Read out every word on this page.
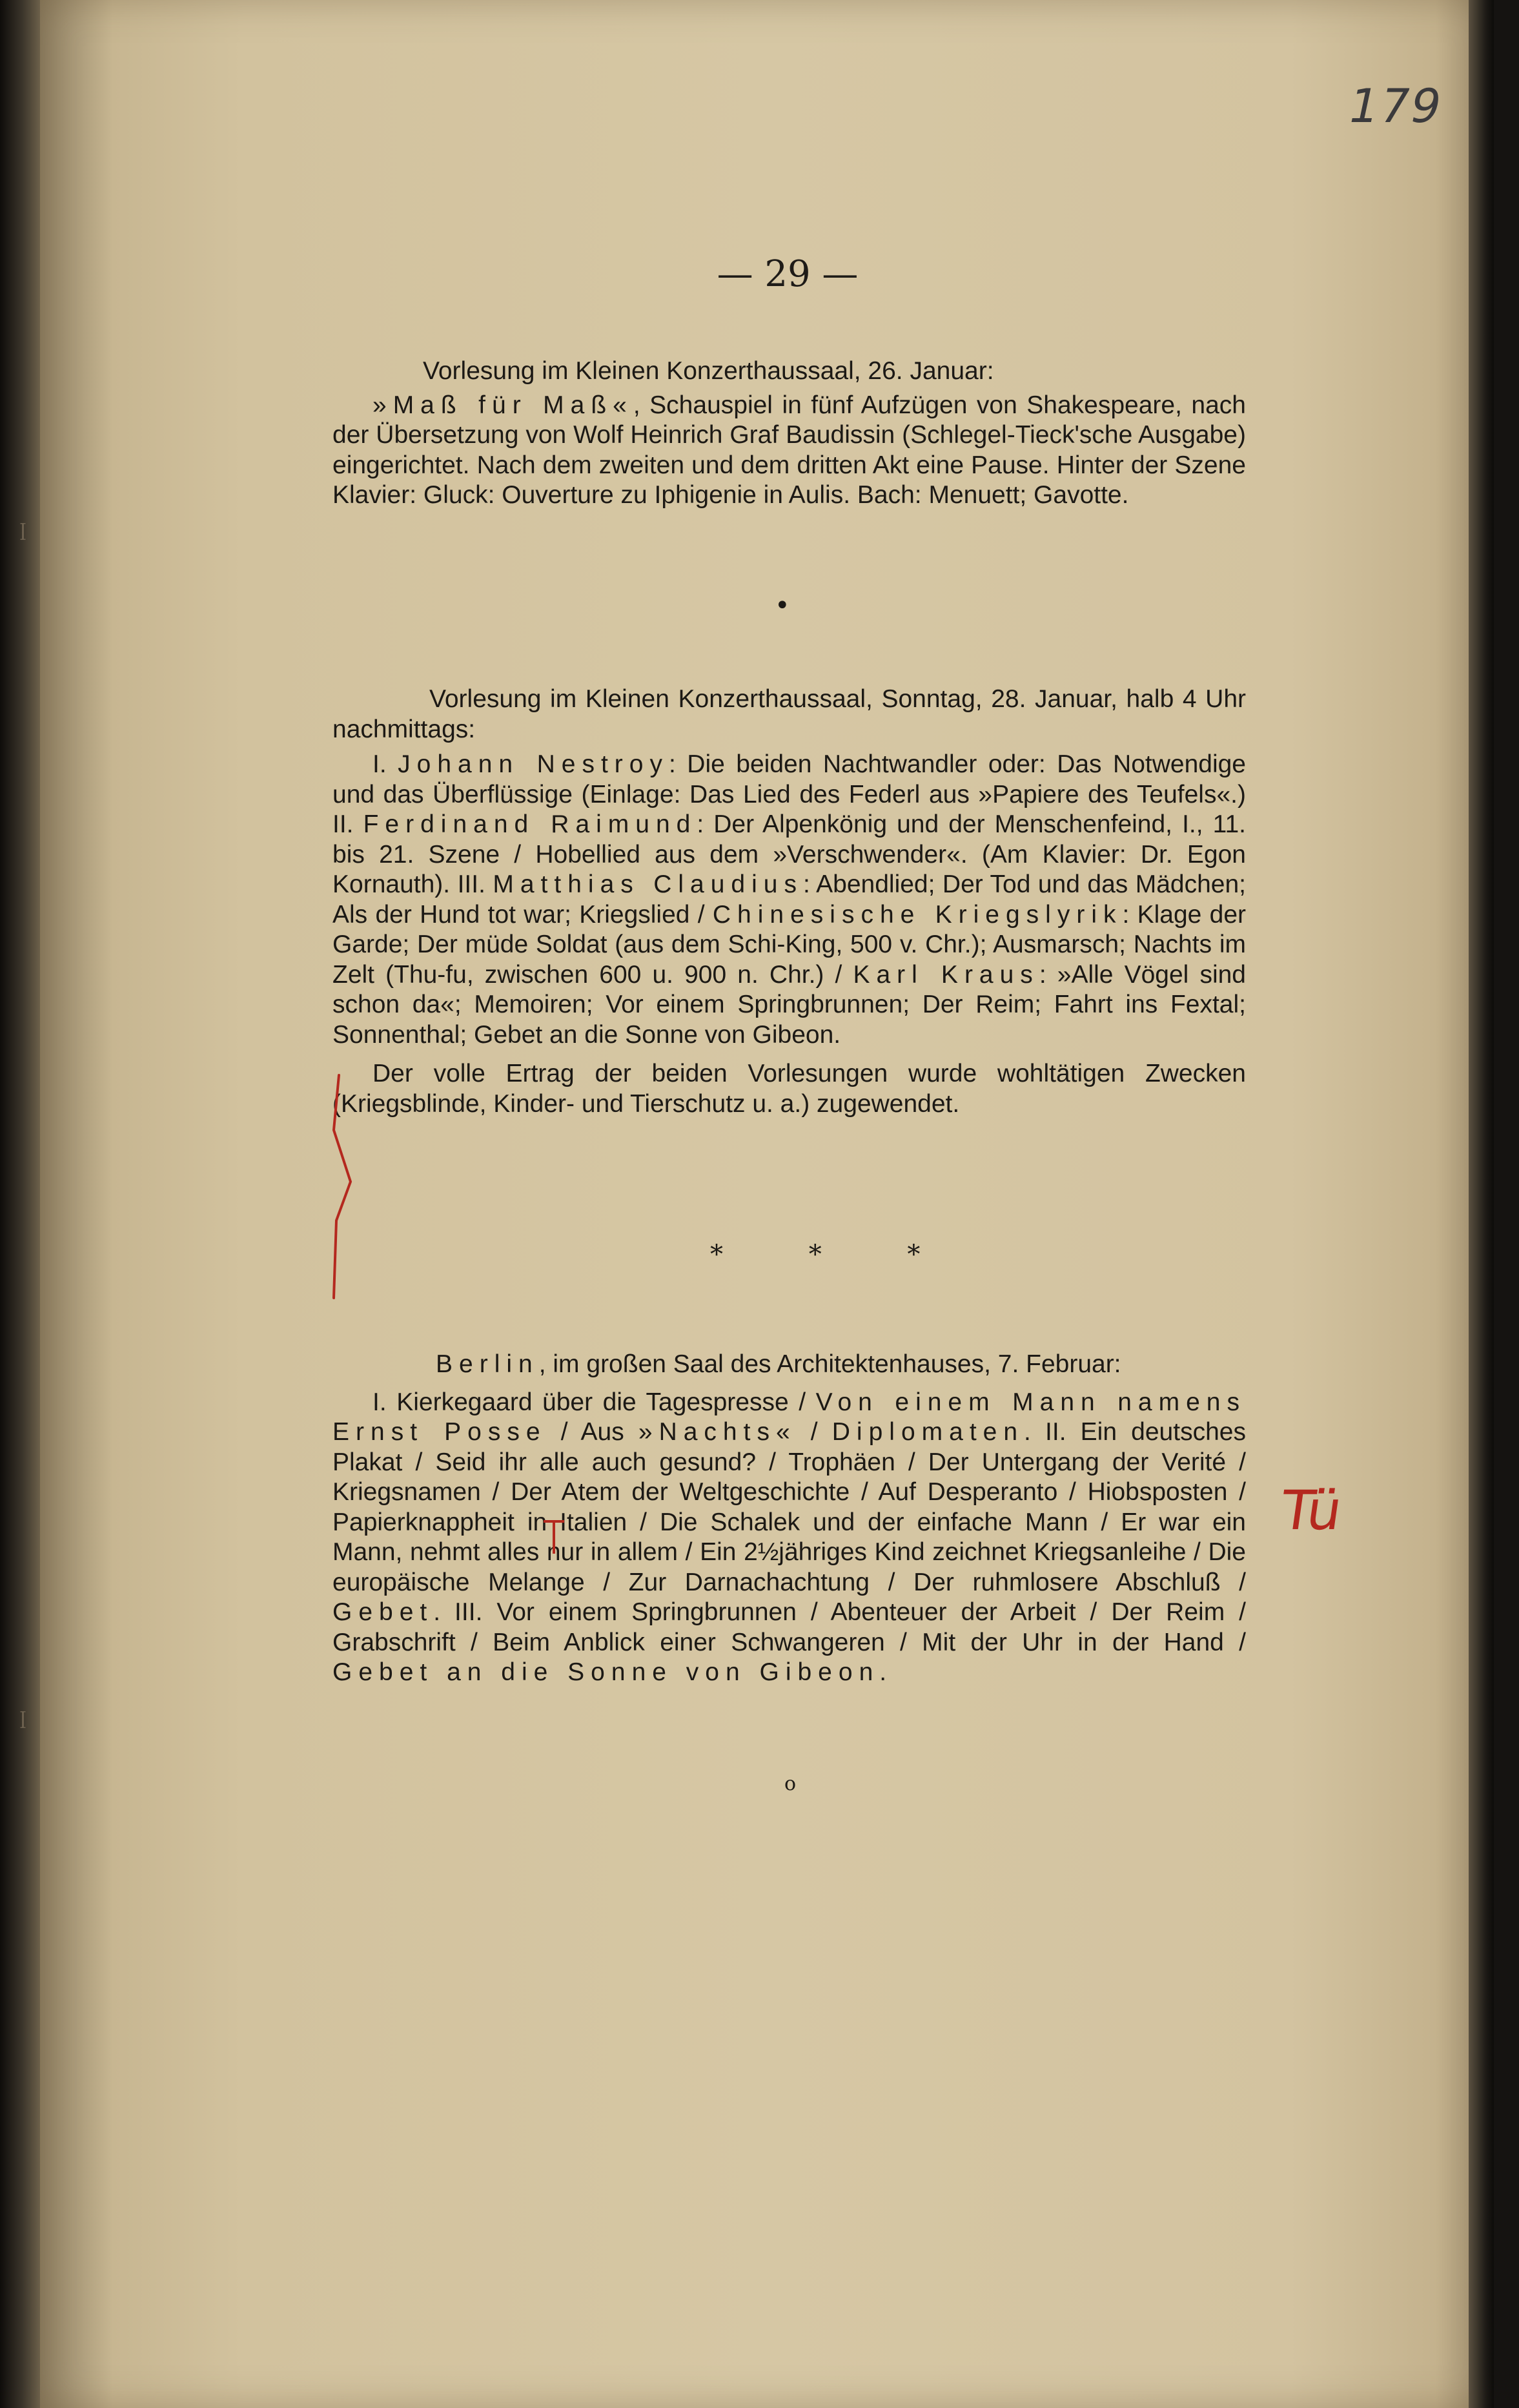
179
— 29 —

Vorlesung im Kleinen Konzerthaussaal, 26. Januar:

»Maß für Maß«, Schauspiel in fünf Aufzügen von Shakespeare, nach der Übersetzung von Wolf Heinrich Graf Baudissin (Schlegel-Tieck'sche Ausgabe) eingerichtet. Nach dem zweiten und dem dritten Akt eine Pause. Hinter der Szene Klavier: Gluck: Ouverture zu Iphigenie in Aulis. Bach: Menuett; Gavotte.

•

Vorlesung im Kleinen Konzerthaussaal, Sonntag, 28. Januar, halb 4 Uhr nachmittags:

I. Johann Nestroy: Die beiden Nachtwandler oder: Das Notwendige und das Überflüssige (Einlage: Das Lied des Federl aus »Papiere des Teufels«.) II. Ferdinand Raimund: Der Alpenkönig und der Menschenfeind, I., 11. bis 21. Szene / Hobellied aus dem »Verschwender«. (Am Klavier: Dr. Egon Kornauth). III. Matthias Claudius: Abendlied; Der Tod und das Mädchen; Als der Hund tot war; Kriegslied / Chinesische Kriegslyrik: Klage der Garde; Der müde Soldat (aus dem Schi-King, 500 v. Chr.); Ausmarsch; Nachts im Zelt (Thu-fu, zwischen 600 u. 900 n. Chr.) / Karl Kraus: »Alle Vögel sind schon da«; Memoiren; Vor einem Springbrunnen; Der Reim; Fahrt ins Fextal; Sonnenthal; Gebet an die Sonne von Gibeon.

Der volle Ertrag der beiden Vorlesungen wurde wohltätigen Zwecken (Kriegsblinde, Kinder- und Tierschutz u. a.) zugewendet.

* * *

Berlin, im großen Saal des Architektenhauses, 7. Februar:

I. Kierkegaard über die Tagespresse / Von einem Mann namens Ernst Posse / Aus »Nachts« / Diplomaten. II. Ein deutsches Plakat / Seid ihr alle auch gesund? / Trophäen / Der Untergang der Verité / Kriegsnamen / Der Atem der Weltgeschichte / Auf Desperanto / Hiobsposten / Papierknappheit in Italien / Die Schalek und der einfache Mann / Er war ein Mann, nehmt alles nur in allem / Ein 2½jähriges Kind zeichnet Kriegsanleihe / Die europäische Melange / Zur Darnachachtung / Der ruhmlosere Abschluß / Gebet. III. Vor einem Springbrunnen / Abenteuer der Arbeit / Der Reim / Grabschrift / Beim Anblick einer Schwangeren / Mit der Uhr in der Hand / Gebet an die Sonne von Gibeon.

Tü
o
ꟾ
ꟾ
